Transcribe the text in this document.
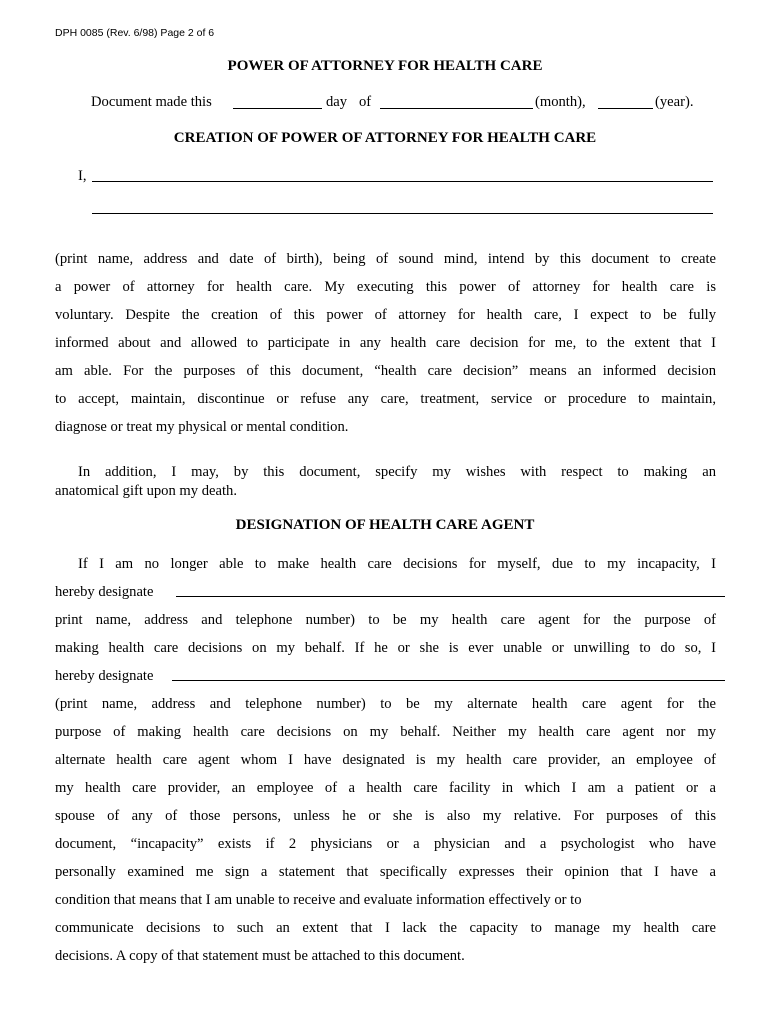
DPH 0085 (Rev. 6/98) Page 2 of 6
POWER OF ATTORNEY FOR HEALTH CARE
Document made this	day of	(month),	(year).
CREATION OF POWER OF ATTORNEY FOR HEALTH CARE
I,
(print name, address and date of birth), being of sound mind, intend by this document to create
a power of attorney for health care. My executing this power of attorney for health care is
voluntary. Despite the creation of this power of attorney for health care, I expect to be fully
informed about and allowed to participate in any health care decision for me, to the extent that I
am able. For the purposes of this document, “health care decision” means an informed decision
to accept, maintain, discontinue or refuse any care, treatment, service or procedure to maintain,
diagnose or treat my physical or mental condition.
In addition, I may, by this document, specify my wishes with respect to making an
anatomical gift upon my death.
DESIGNATION OF HEALTH CARE AGENT
If I am no longer able to make health care decisions for myself, due to my incapacity, I
hereby designate
print name, address and telephone number) to be my health care agent for the purpose of
making health care decisions on my behalf. If he or she is ever unable or unwilling to do so, I
hereby designate
(print name, address and telephone number) to be my alternate health care agent for the
purpose of making health care decisions on my behalf. Neither my health care agent nor my
alternate health care agent whom I have designated is my health care provider, an employee of
my health care provider, an employee of a health care facility in which I am a patient or a
spouse of any of those persons, unless he or she is also my relative. For purposes of this
document, “incapacity” exists if 2 physicians or a physician and a psychologist who have
personally examined me sign a statement that specifically expresses their opinion that I have a
condition that means that I am unable to receive and evaluate information effectively or to
communicate decisions to such an extent that I lack the capacity to manage my health care
decisions. A copy of that statement must be attached to this document.
